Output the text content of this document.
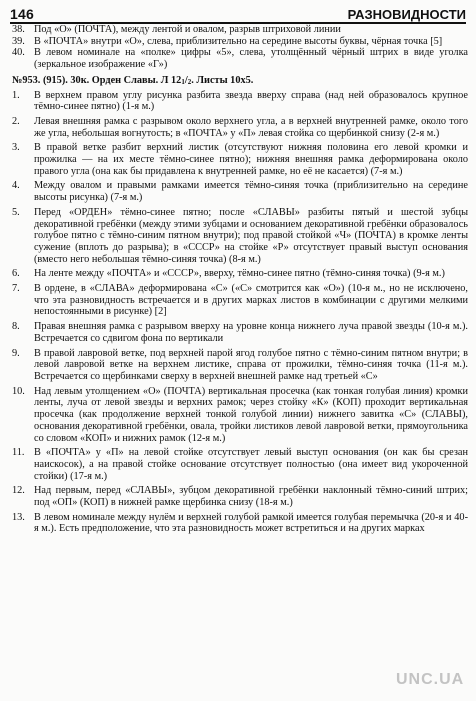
146	РАЗНОВИДНОСТИ
38. Под «О» (ПОЧТА), между лентой и овалом, разрыв штриховой линии
39. В «ПОЧТА» внутри «О», слева, приблизительно на середине высоты буквы, чёрная точка [5]
40. В левом номинале на «полке» цифры «5», слева, утолщённый чёрный штрих в виде уголка (зеркальное изображение «Г»)
№953. (915). 30к. Орден Славы. Л $12^1/_2$. Листы 10х5.
1.	В верхнем правом углу рисунка разбита звезда вверху справа (над ней образовалось крупное тёмно-синее пятно) (1-я м.)
2.	Левая внешняя рамка с разрывом около верхнего угла, а в верхней внутренней рамке, около того же угла, небольшая вогнутость; в «ПОЧТА» у «П» левая стойка со щербинкой снизу (2-я м.)
3.	В правой ветке разбит верхний листик (отсутствуют нижняя половина его левой кромки и прожилка — на их месте тёмно-синее пятно); нижняя внешняя рамка деформирована около правого угла (она как бы придавлена к внутренней рамке, но её не касается) (7-я м.)
4.	Между овалом и правыми рамками имеется тёмно-синяя точка (приблизительно на середине высоты рисунка) (7-я м.)
5.	Перед «ОРДЕН» тёмно-синее пятно; после «СЛАВЫ» разбиты пятый и шестой зубцы декоративной гребёнки (между этими зубцами и основанием декоративной гребёнки образовалось голубое пятно с тёмно-синим пятном внутри); под правой стойкой «Ч» (ПОЧТА) в кромке ленты сужение (вплоть до разрыва); в «СССР» на стойке «Р» отсутствует правый выступ основания (вместо него небольшая тёмно-синяя точка) (8-я м.)
6.	На ленте между «ПОЧТА» и «СССР», вверху, тёмно-синее пятно (тёмно-синяя точка) (9-я м.)
7.	В ордене, в «СЛАВА» деформирована «С» («С» смотрится как «О») (10-я м., но не исключено, что эта разновидность встречается и в других марках листов в комбинации с другими мелкими непостоянными в рисунке) [2]
8.	Правая внешняя рамка с разрывом вверху на уровне конца нижнего луча правой звезды (10-я м.). Встречается со сдвигом фона по вертикали
9.	В правой лавровой ветке, под верхней парой ягод голубое пятно с тёмно-синим пятном внутри; в левой лавровой ветке на верхнем листике, справа от прожилки, тёмно-синяя точка (11-я м.). Встречается со щербинками сверху в верхней внешней рамке над третьей «С»
10. Над левым утолщением «О» (ПОЧТА) вертикальная просечка (как тонкая голубая линия) кромки ленты, луча от левой звезды и верхних рамок; через стойку «К» (КОП) проходит вертикальная просечка (как продолжение верхней тонкой голубой линии) нижнего завитка «С» (СЛАВЫ), основания декоративной гребёнки, овала, тройки листиков левой лавровой ветки, прямоугольника со словом «КОП» и нижних рамок (12-я м.)
11. В «ПОЧТА» у «П» на левой стойке отсутствует левый выступ основания (он как бы срезан наискосок), а на правой стойке основание отсутствует полностью (она имеет вид укороченной стойки) (17-я м.)
12. Над первым, перед «СЛАВЫ», зубцом декоративной гребёнки наклонный тёмно-синий штрих; под «ОП» (КОП) в нижней рамке щербинка снизу (18-я м.)
13. В левом номинале между нулём и верхней голубой рамкой имеется голубая перемычка (20-я и 40-я м.). Есть предположение, что эта разновидность может встретиться и на других марках
UNC.UA
